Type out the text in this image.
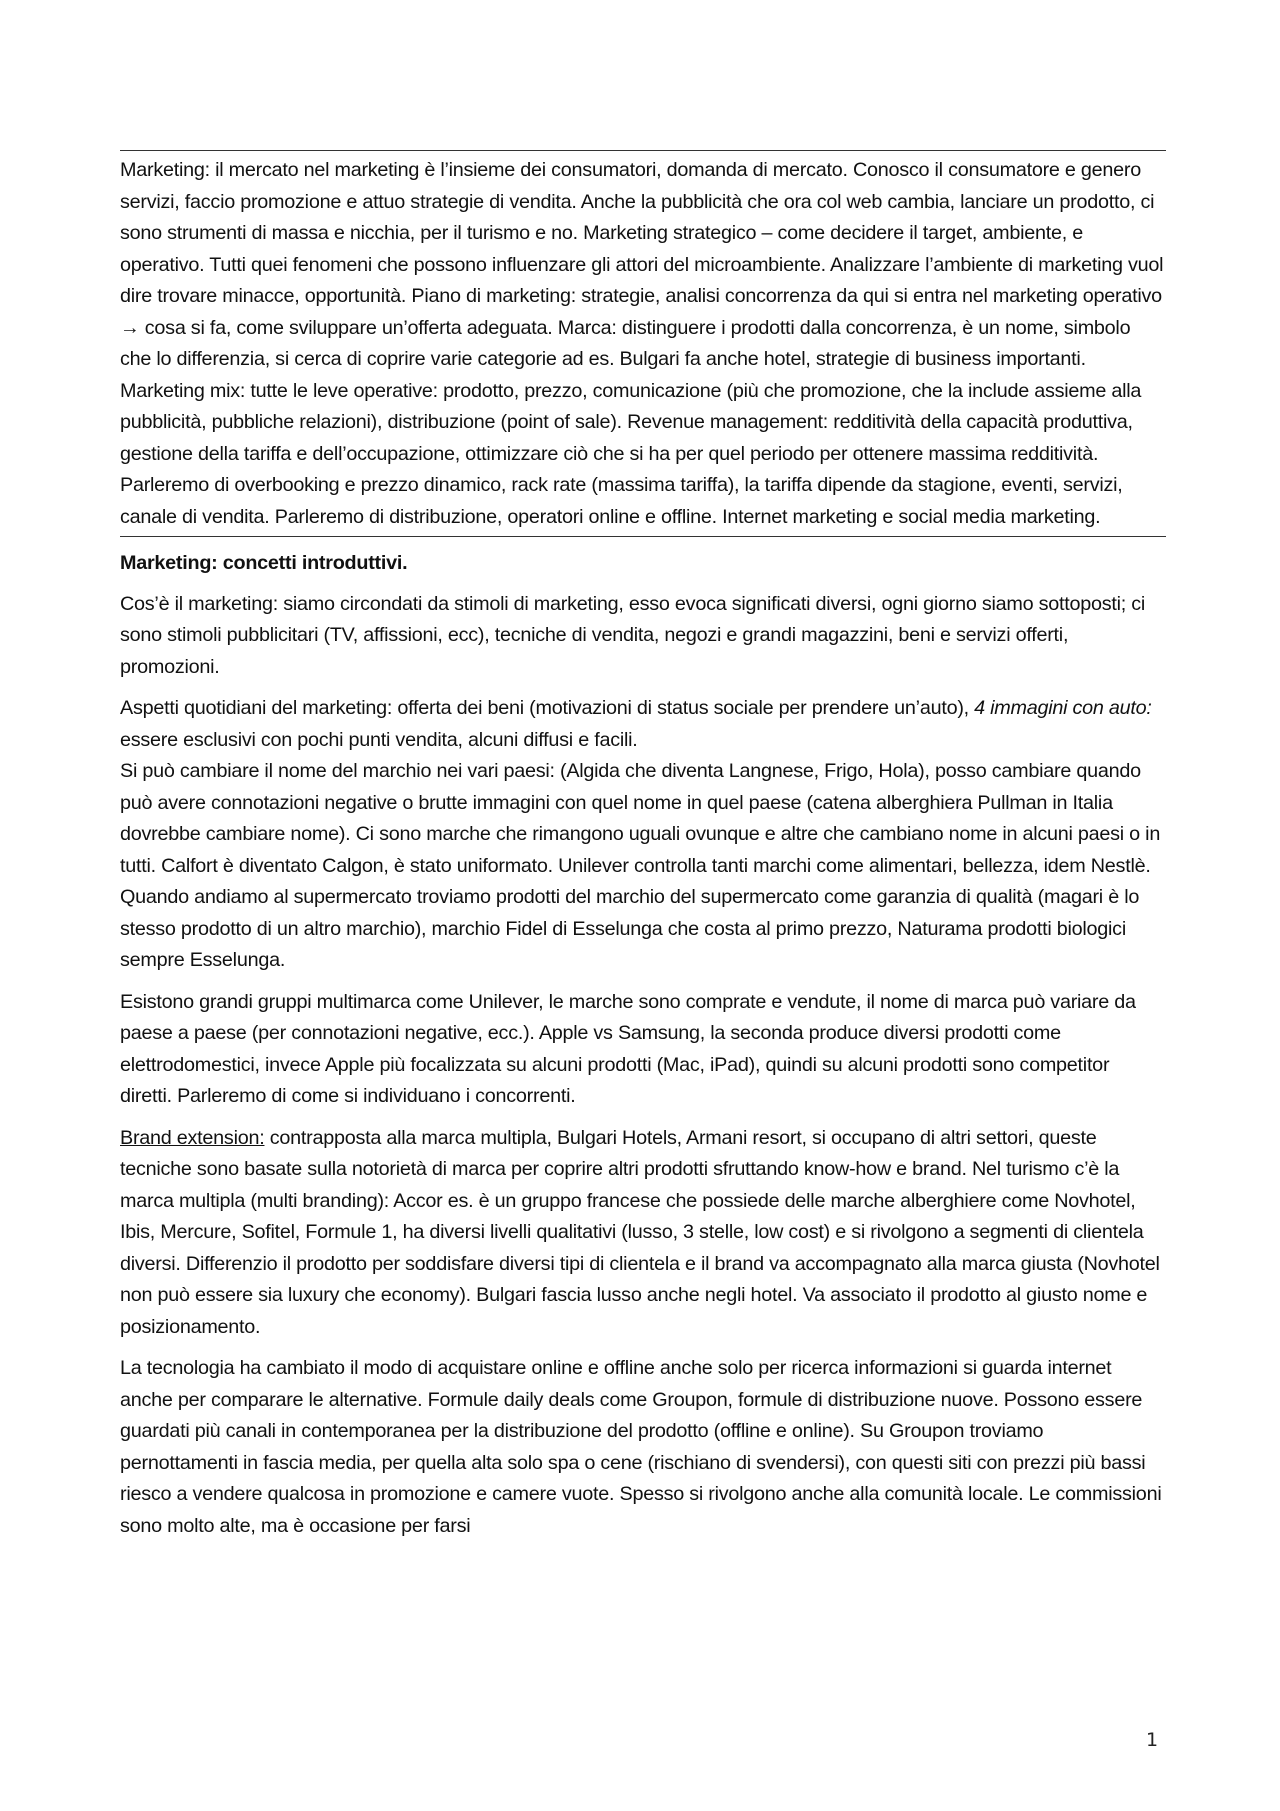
Marketing: il mercato nel marketing è l’insieme dei consumatori, domanda di mercato. Conosco il consumatore e genero servizi, faccio promozione e attuo strategie di vendita. Anche la pubblicità che ora col web cambia, lanciare un prodotto, ci sono strumenti di massa e nicchia, per il turismo e no. Marketing strategico – come decidere il target, ambiente, e operativo. Tutti quei fenomeni che possono influenzare gli attori del microambiente. Analizzare l’ambiente di marketing vuol dire trovare minacce, opportunità. Piano di marketing: strategie, analisi concorrenza da qui si entra nel marketing operativo → cosa si fa, come sviluppare un’offerta adeguata. Marca: distinguere i prodotti dalla concorrenza, è un nome, simbolo che lo differenzia, si cerca di coprire varie categorie ad es. Bulgari fa anche hotel, strategie di business importanti. Marketing mix: tutte le leve operative: prodotto, prezzo, comunicazione (più che promozione, che la include assieme alla pubblicità, pubbliche relazioni), distribuzione (point of sale). Revenue management: redditività della capacità produttiva, gestione della tariffa e dell’occupazione, ottimizzare ciò che si ha per quel periodo per ottenere massima redditività. Parleremo di overbooking e prezzo dinamico, rack rate (massima tariffa), la tariffa dipende da stagione, eventi, servizi, canale di vendita. Parleremo di distribuzione, operatori online e offline. Internet marketing e social media marketing.

Marketing: concetti introduttivi.

Cos’è il marketing: siamo circondati da stimoli di marketing, esso evoca significati diversi, ogni giorno siamo sottoposti; ci sono stimoli pubblicitari (TV, affissioni, ecc), tecniche di vendita, negozi e grandi magazzini, beni e servizi offerti, promozioni.

Aspetti quotidiani del marketing: offerta dei beni (motivazioni di status sociale per prendere un’auto), 4 immagini con auto: essere esclusivi con pochi punti vendita, alcuni diffusi e facili.

Si può cambiare il nome del marchio nei vari paesi: (Algida che diventa Langnese, Frigo, Hola), posso cambiare quando può avere connotazioni negative o brutte immagini con quel nome in quel paese (catena alberghiera Pullman in Italia dovrebbe cambiare nome). Ci sono marche che rimangono uguali ovunque e altre che cambiano nome in alcuni paesi o in tutti. Calfort è diventato Calgon, è stato uniformato. Unilever controlla tanti marchi come alimentari, bellezza, idem Nestlè. Quando andiamo al supermercato troviamo prodotti del marchio del supermercato come garanzia di qualità (magari è lo stesso prodotto di un altro marchio), marchio Fidel di Esselunga che costa al primo prezzo, Naturama prodotti biologici sempre Esselunga.

Esistono grandi gruppi multimarca come Unilever, le marche sono comprate e vendute, il nome di marca può variare da paese a paese (per connotazioni negative, ecc.). Apple vs Samsung, la seconda produce diversi prodotti come elettrodomestici, invece Apple più focalizzata su alcuni prodotti (Mac, iPad), quindi su alcuni prodotti sono competitor diretti. Parleremo di come si individuano i concorrenti.

Brand extension: contrapposta alla marca multipla, Bulgari Hotels, Armani resort, si occupano di altri settori, queste tecniche sono basate sulla notorietà di marca per coprire altri prodotti sfruttando know-how e brand. Nel turismo c’è la marca multipla (multi branding): Accor es. è un gruppo francese che possiede delle marche alberghiere come Novhotel, Ibis, Mercure, Sofitel, Formule 1, ha diversi livelli qualitativi (lusso, 3 stelle, low cost) e si rivolgono a segmenti di clientela diversi. Differenzio il prodotto per soddisfare diversi tipi di clientela e il brand va accompagnato alla marca giusta (Novhotel non può essere sia luxury che economy). Bulgari fascia lusso anche negli hotel. Va associato il prodotto al giusto nome e posizionamento.

La tecnologia ha cambiato il modo di acquistare online e offline anche solo per ricerca informazioni si guarda internet anche per comparare le alternative. Formule daily deals come Groupon, formule di distribuzione nuove. Possono essere guardati più canali in contemporanea per la distribuzione del prodotto (offline e online). Su Groupon troviamo pernottamenti in fascia media, per quella alta solo spa o cene (rischiano di svendersi), con questi siti con prezzi più bassi riesco a vendere qualcosa in promozione e camere vuote. Spesso si rivolgono anche alla comunità locale. Le commissioni sono molto alte, ma è occasione per farsi

1
